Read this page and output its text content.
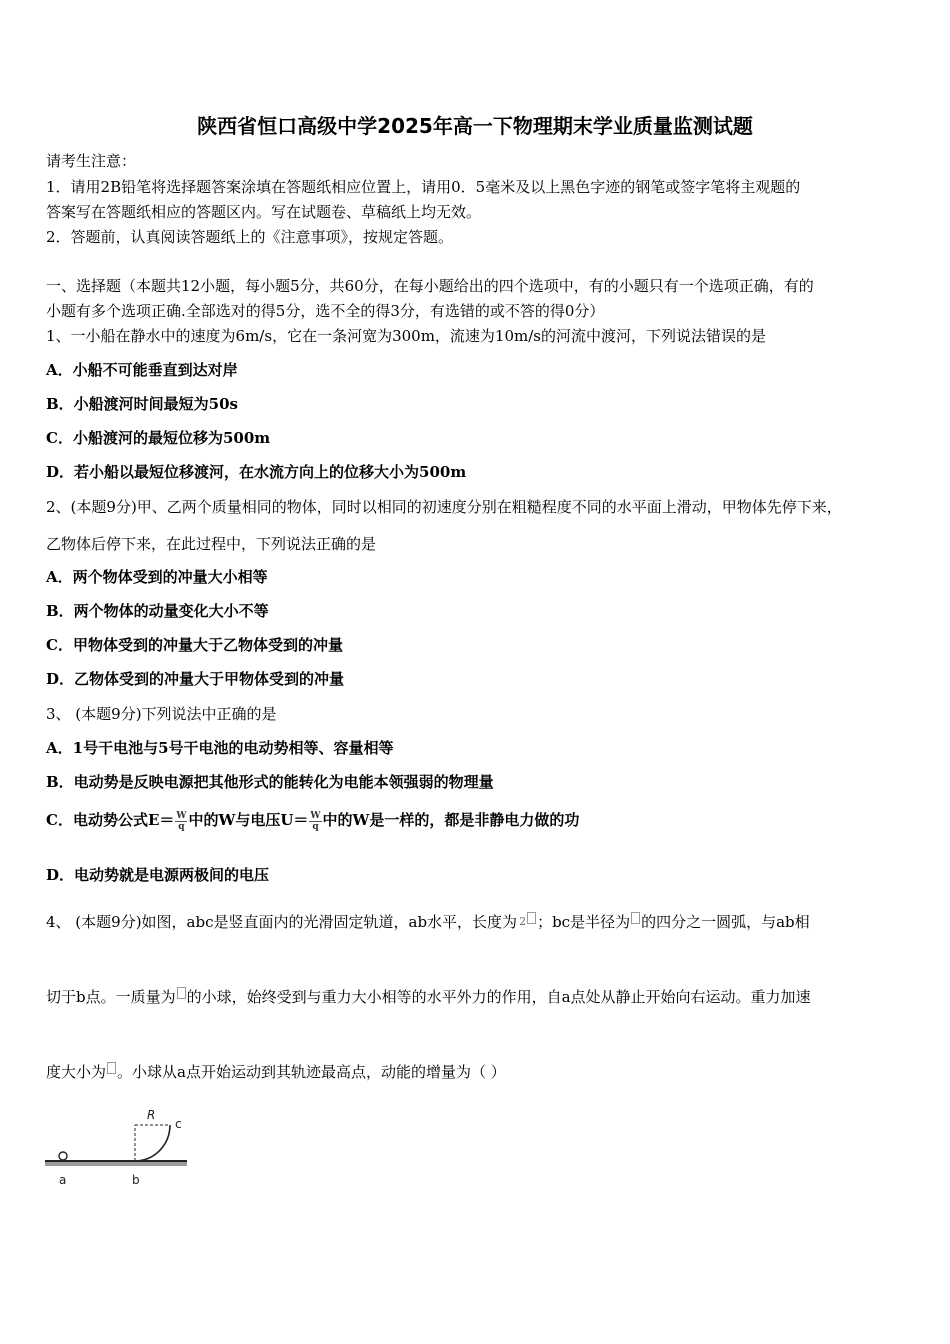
陕西省恒口高级中学2025年高一下物理期末学业质量监测试题
请考生注意：
1．请用2B铅笔将选择题答案涂填在答题纸相应位置上，请用0．5毫米及以上黑色字迹的钢笔或签字笔将主观题的
答案写在答题纸相应的答题区内。写在试题卷、草稿纸上均无效。
2．答题前，认真阅读答题纸上的《注意事项》，按规定答题。
一、选择题（本题共12小题，每小题5分，共60分，在每小题给出的四个选项中，有的小题只有一个选项正确，有的
小题有多个选项正确.全部选对的得5分，选不全的得3分，有选错的或不答的得0分）
1、一小船在静水中的速度为6m/s，它在一条河宽为300m，流速为10m/s的河流中渡河，下列说法错误的是
A．小船不可能垂直到达对岸
B．小船渡河时间最短为50s
C．小船渡河的最短位移为500m
D．若小船以最短位移渡河，在水流方向上的位移大小为500m
2、(本题9分)甲、乙两个质量相同的物体，同时以相同的初速度分别在粗糙程度不同的水平面上滑动，甲物体先停下来，
乙物体后停下来，在此过程中，下列说法正确的是
A．两个物体受到的冲量大小相等
B．两个物体的动量变化大小不等
C．甲物体受到的冲量大于乙物体受到的冲量
D．乙物体受到的冲量大于甲物体受到的冲量
3、 (本题9分)下列说法中正确的是
A．1号干电池与5号干电池的电动势相等、容量相等
B．电动势是反映电源把其他形式的能转化为电能本领强弱的物理量
C．电动势公式$E= \frac{W}{q}$ 中的W与电压$U= \frac{W}{q}$ 中的W是一样的，都是非静电力做的功
D．电动势就是电源两极间的电压
4、 (本题9分)如图，abc是竖直面内的光滑固定轨道，ab水平，长度为 2 ；bc是半径为 的四分之一圆弧，与ab相
切于b点。一质量为 的小球，始终受到与重力大小相等的水平外力的作用，自a点处从静止开始向右运动。重力加速
度大小为 。小球从a点开始运动到其轨迹最高点，动能的增量为（ ）
R
c
a	b
